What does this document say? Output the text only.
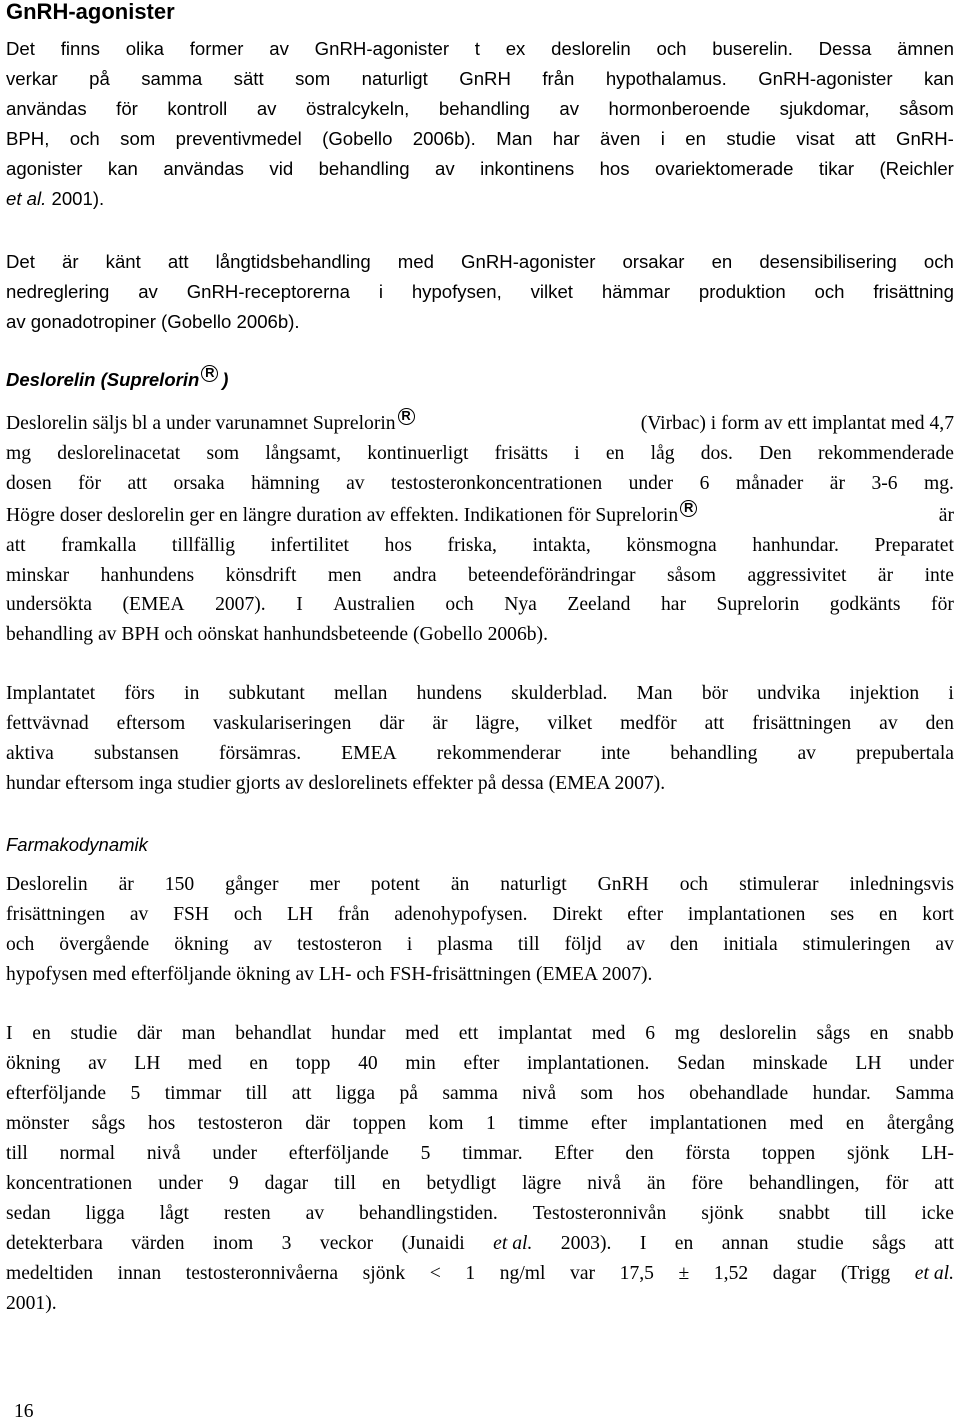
GnRH-agonister
Det finns olika former av GnRH-agonister t ex deslorelin och buserelin. Dessa ämnen
verkar på samma sätt som naturligt GnRH från hypothalamus. GnRH-agonister kan
användas för kontroll av östralcykeln, behandling av hormonberoende sjukdomar, såsom
BPH, och som preventivmedel (Gobello 2006b). Man har även i en studie visat att GnRH-
agonister kan användas vid behandling av inkontinens hos ovariektomerade tikar (Reichler
et al. 2001).
Det är känt att långtidsbehandling med GnRH-agonister orsakar en desensibilisering och
nedreglering av GnRH-receptorerna i hypofysen, vilket hämmar produktion och frisättning
av gonadotropiner (Gobello 2006b).
Deslorelin (Suprelorin R )
Deslorelin säljs bl a under varunamnet Suprelorin R	(Virbac) i form av ett implantat med 4,7
mg deslorelinacetat som långsamt, kontinuerligt frisätts i en låg dos. Den rekommenderade
dosen för att orsaka hämning av testosteronkoncentrationen under 6 månader är 3-6 mg.
Högre doser deslorelin ger en längre duration av effekten. Indikationen för Suprelorin R	är
att framkalla tillfällig infertilitet hos friska, intakta, könsmogna hanhundar. Preparatet
minskar hanhundens könsdrift men andra beteendeförändringar såsom aggressivitet är inte
undersökta (EMEA 2007). I Australien och Nya Zeeland har Suprelorin godkänts för
behandling av BPH och oönskat hanhundsbeteende (Gobello 2006b).
Implantatet förs in subkutant mellan hundens skulderblad. Man bör undvika injektion i
fettvävnad eftersom vaskulariseringen där är lägre, vilket medför att frisättningen av den
aktiva substansen försämras. EMEA rekommenderar inte behandling av prepubertala
hundar eftersom inga studier gjorts av deslorelinets effekter på dessa (EMEA 2007).
Farmakodynamik
Deslorelin är 150 gånger mer potent än naturligt GnRH och stimulerar inledningsvis
frisättningen av FSH och LH från adenohypofysen. Direkt efter implantationen ses en kort
och övergående ökning av testosteron i plasma till följd av den initiala stimuleringen av
hypofysen med efterföljande ökning av LH- och FSH-frisättningen (EMEA 2007).
I en studie där man behandlat hundar med ett implantat med 6 mg deslorelin sågs en snabb
ökning av LH med en topp 40 min efter implantationen. Sedan minskade LH under
efterföljande 5 timmar till att ligga på samma nivå som hos obehandlade hundar. Samma
mönster sågs hos testosteron där toppen kom 1 timme efter implantationen med en återgång
till normal nivå under efterföljande 5 timmar. Efter den första toppen sjönk LH-
koncentrationen under 9 dagar till en betydligt lägre nivå än före behandlingen, för att
sedan ligga lågt resten av behandlingstiden. Testosteronnivån sjönk snabbt till icke
detekterbara värden inom 3 veckor (Junaidi et al. 2003). I en annan studie sågs att
medeltiden innan testosteronnivåerna sjönk < 1 ng/ml var 17,5 ± 1,52 dagar (Trigg et al.
2001).
16
